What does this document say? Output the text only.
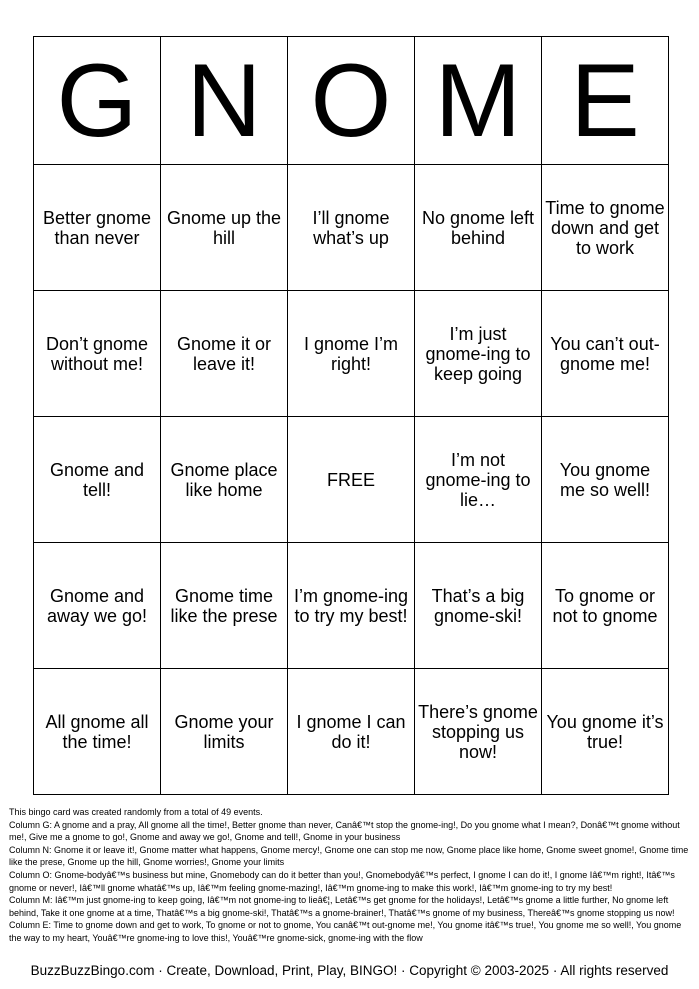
G	N	O	M	E
Better gnome than never	Gnome up the hill	I’ll gnome what’s up	No gnome left behind	Time to gnome down and get to work
Don’t gnome without me!	Gnome it or leave it!	I gnome I’m right!	I’m just gnome-ing to keep going	You can’t out-gnome me!
Gnome and tell!	Gnome place like home	FREE	I’m not gnome-ing to lie…	You gnome me so well!
Gnome and away we go!	Gnome time like the prese	I’m gnome-ing to try my best!	That’s a big gnome-ski!	To gnome or not to gnome
All gnome all the time!	Gnome your limits	I gnome I can do it!	There’s gnome stopping us now!	You gnome it’s true!
This bingo card was created randomly from a total of 49 events.
Column G: A gnome and a pray, All gnome all the time!, Better gnome than never, Canâ€™t stop the gnome-ing!, Do you gnome what I mean?, Donâ€™t gnome without me!, Give me a gnome to go!, Gnome and away we go!, Gnome and tell!, Gnome in your business
Column N: Gnome it or leave it!, Gnome matter what happens, Gnome mercy!, Gnome one can stop me now, Gnome place like home, Gnome sweet gnome!, Gnome time like the prese, Gnome up the hill, Gnome worries!, Gnome your limits
Column O: Gnome-bodyâ€™s business but mine, Gnomebody can do it better than you!, Gnomebodyâ€™s perfect, I gnome I can do it!, I gnome Iâ€™m right!, Itâ€™s gnome or never!, Iâ€™ll gnome whatâ€™s up, Iâ€™m feeling gnome-mazing!, Iâ€™m gnome-ing to make this work!, Iâ€™m gnome-ing to try my best!
Column M: Iâ€™m just gnome-ing to keep going, Iâ€™m not gnome-ing to lieâ€¦, Letâ€™s get gnome for the holidays!, Letâ€™s gnome a little further, No gnome left behind, Take it one gnome at a time, Thatâ€™s a big gnome-ski!, Thatâ€™s a gnome-brainer!, Thatâ€™s gnome of my business, Thereâ€™s gnome stopping us now!
Column E: Time to gnome down and get to work, To gnome or not to gnome, You canâ€™t out-gnome me!, You gnome itâ€™s true!, You gnome me so well!, You gnome the way to my heart, Youâ€™re gnome-ing to love this!, Youâ€™re gnome-sick, gnome-ing with the flow
BuzzBuzzBingo.com · Create, Download, Print, Play, BINGO! · Copyright © 2003-2025 · All rights reserved
